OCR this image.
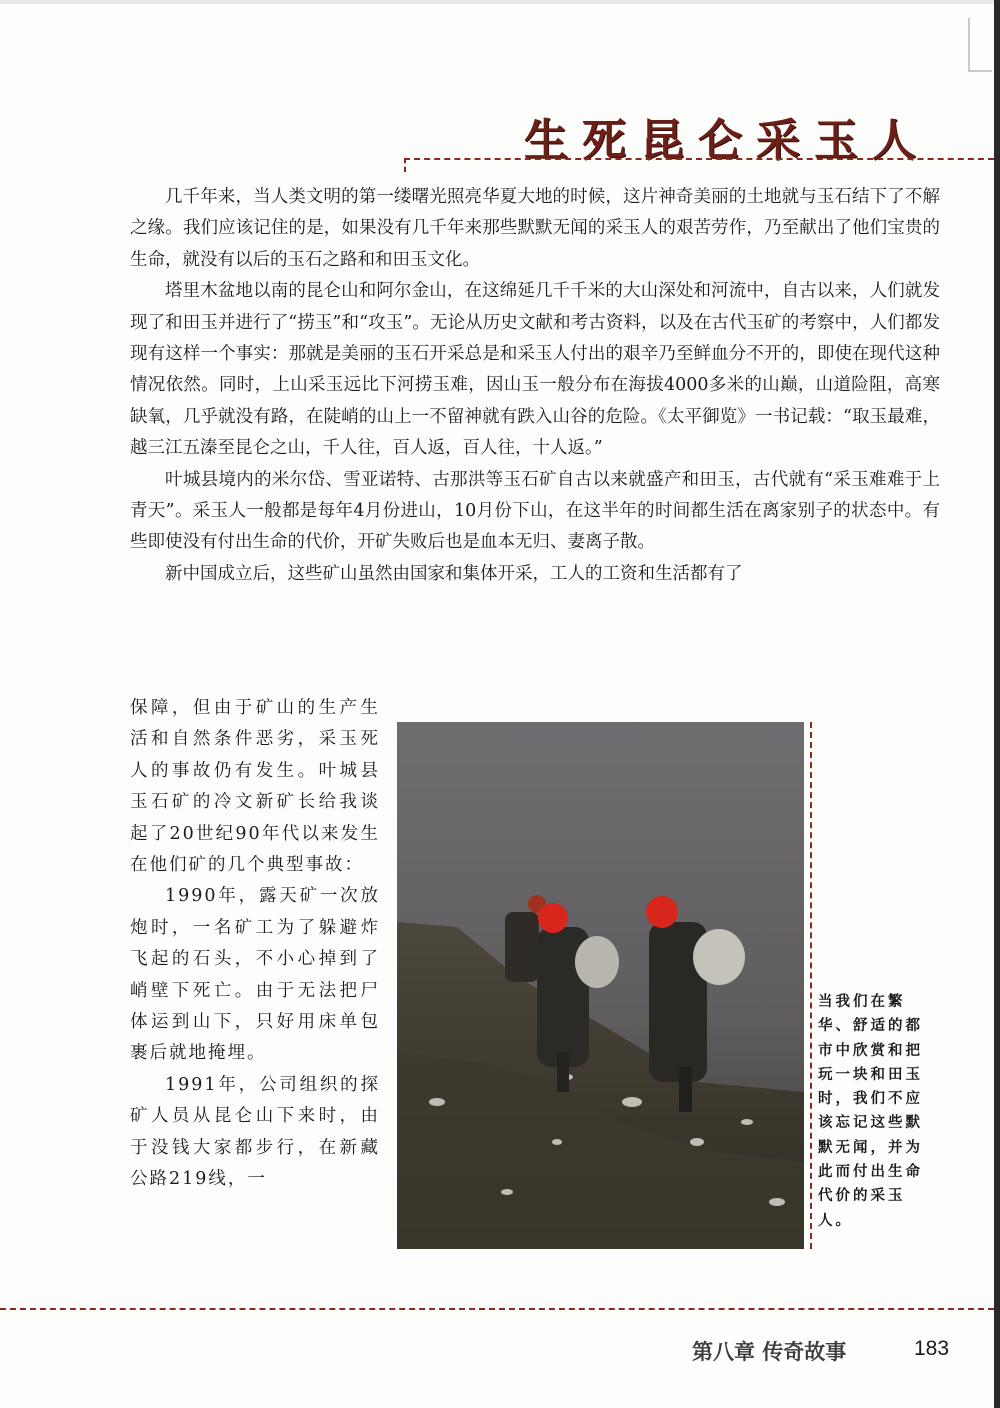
生死昆仑采玉人

几千年来，当人类文明的第一缕曙光照亮华夏大地的时候，这片神奇美丽的土地就与玉石结下了不解之缘。我们应该记住的是，如果没有几千年来那些默默无闻的采玉人的艰苦劳作，乃至献出了他们宝贵的生命，就没有以后的玉石之路和和田玉文化。

塔里木盆地以南的昆仑山和阿尔金山，在这绵延几千千米的大山深处和河流中，自古以来，人们就发现了和田玉并进行了“捞玉”和“攻玉”。无论从历史文献和考古资料，以及在古代玉矿的考察中，人们都发现有这样一个事实：那就是美丽的玉石开采总是和采玉人付出的艰辛乃至鲜血分不开的，即使在现代这种情况依然。同时，上山采玉远比下河捞玉难，因山玉一般分布在海拔4000多米的山巅，山道险阻，高寒缺氧，几乎就没有路，在陡峭的山上一不留神就有跌入山谷的危险。《太平御览》一书记载：“取玉最难，越三江五溱至昆仑之山，千人往，百人返，百人往，十人返。”

叶城县境内的米尔岱、雪亚诺特、古那洪等玉石矿自古以来就盛产和田玉，古代就有“采玉难难于上青天”。采玉人一般都是每年4月份进山，10月份下山，在这半年的时间都生活在离家别子的状态中。有些即使没有付出生命的代价，开矿失败后也是血本无归、妻离子散。

新中国成立后，这些矿山虽然由国家和集体开采，工人的工资和生活都有了

保障，但由于矿山的生产生活和自然条件恶劣，采玉死人的事故仍有发生。叶城县玉石矿的冷文新矿长给我谈起了20世纪90年代以来发生在他们矿的几个典型事故：

1990年，露天矿一次放炮时，一名矿工为了躲避炸飞起的石头，不小心掉到了峭壁下死亡。由于无法把尸体运到山下，只好用床单包裹后就地掩埋。

1991年，公司组织的探矿人员从昆仑山下来时，由于没钱大家都步行，在新藏公路219线，一

当我们在繁华、舒适的都市中欣赏和把玩一块和田玉时，我们不应该忘记这些默默无闻，并为此而付出生命代价的采玉人。
第八章 传奇故事	183
